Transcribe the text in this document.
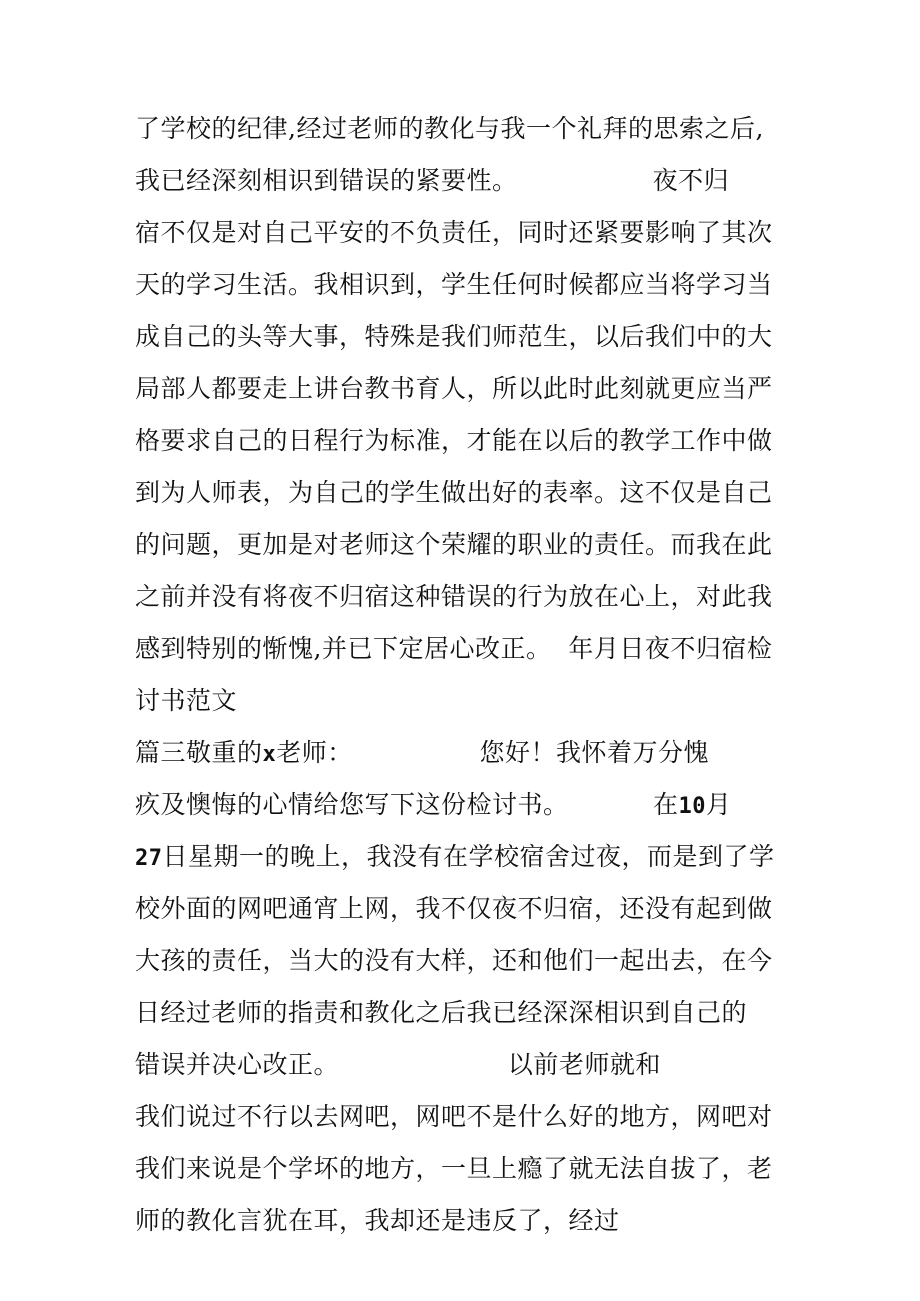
了学校的纪律,经过老师的教化与我一个礼拜的思索之后,
我已经深刻相识到错误的紧要性。                夜不归
宿不仅是对自己平安的不负责任，同时还紧要影响了其次
天的学习生活。我相识到，学生任何时候都应当将学习当
成自己的头等大事，特殊是我们师范生，以后我们中的大
局部人都要走上讲台教书育人，所以此时此刻就更应当严
格要求自己的日程行为标准，才能在以后的教学工作中做
到为人师表，为自己的学生做出好的表率。这不仅是自己
的问题，更加是对老师这个荣耀的职业的责任。而我在此
之前并没有将夜不归宿这种错误的行为放在心上，对此我
感到特别的惭愧,并已下定居心改正。  年月日夜不归宿检
讨书范文
篇三敬重的x老师：               您好！我怀着万分愧
疚及懊悔的心情给您写下这份检讨书。          在10月
27日星期一的晚上，我没有在学校宿舍过夜，而是到了学
校外面的网吧通宵上网，我不仅夜不归宿，还没有起到做
大孩的责任，当大的没有大样，还和他们一起出去，在今
日经过老师的指责和教化之后我已经深深相识到自己的
错误并决心改正。                    以前老师就和
我们说过不行以去网吧，网吧不是什么好的地方，网吧对
我们来说是个学坏的地方，一旦上瘾了就无法自拔了，老
师的教化言犹在耳，我却还是违反了，经过
